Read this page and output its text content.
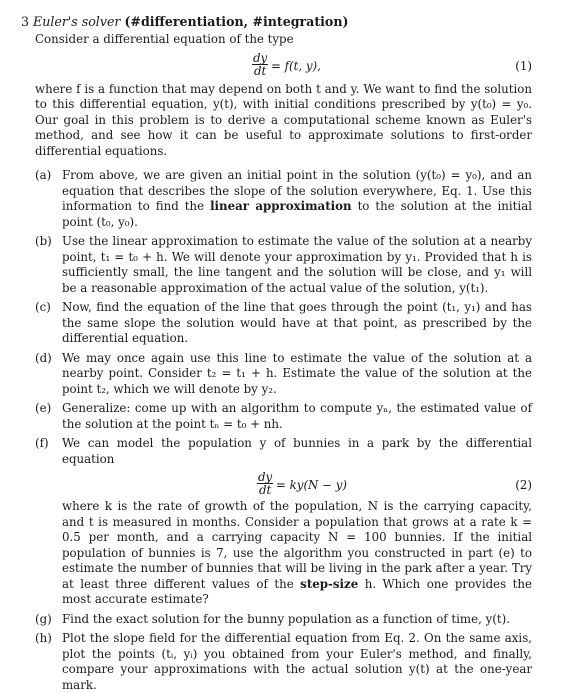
3 Euler's solver (#differentiation, #integration)

Consider a differential equation of the type

$\frac{dy}{dt} = f(t$, y),	(1)

where f is a function that may depend on both t and y. We want to find the solution to this differential equation, y(t), with initial conditions prescribed by y(t₀) = y₀. Our goal in this problem is to derive a computational scheme known as Euler's method, and see how it can be useful to approximate solutions to first-order differential equations.

(a) From above, we are given an initial point in the solution (y(t₀) = y₀), and an equation that describes the slope of the solution everywhere, Eq. 1. Use this information to find the linear approximation to the solution at the initial point (t₀, y₀).
(b) Use the linear approximation to estimate the value of the solution at a nearby point, t₁ = t₀ + h. We will denote your approximation by y₁. Provided that h is sufficiently small, the line tangent and the solution will be close, and y₁ will be a reasonable approximation of the actual value of the solution, y(t₁).
(c) Now, find the equation of the line that goes through the point (t₁, y₁) and has the same slope the solution would have at that point, as prescribed by the differential equation.
(d) We may once again use this line to estimate the value of the solution at a nearby point. Consider t₂ = t₁ + h. Estimate the value of the solution at the point t₂, which we will denote by y₂.
(e) Generalize: come up with an algorithm to compute yₙ, the estimated value of the solution at the point tₙ = t₀ + nh.
(f) We can model the population y of bunnies in a park by the differential equation
$\frac{dy}{dt} = ky(N - y)$	(2)
where k is the rate of growth of the population, N is the carrying capacity, and t is measured in months. Consider a population that grows at a rate k = 0.5 per month, and a carrying capacity N = 100 bunnies. If the initial population of bunnies is 7, use the algorithm you constructed in part (e) to estimate the number of bunnies that will be living in the park after a year. Try at least three different values of the step-size h. Which one provides the most accurate estimate?
(g) Find the exact solution for the bunny population as a function of time, y(t).
(h) Plot the slope field for the differential equation from Eq. 2. On the same axis, plot the points (tᵢ, yᵢ) you obtained from your Euler's method, and finally, compare your approximations with the actual solution y(t) at the one-year mark.
